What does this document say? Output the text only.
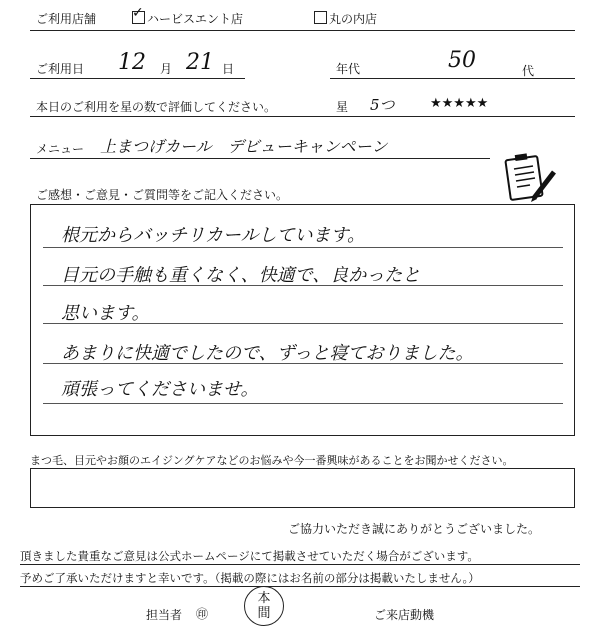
ご利用店舗	✓ ハービスエント店	丸の内店
ご利用日 12 月 21 日	年代	50	代
本日のご利用を星の数で評価してください。	星 5つ	★★★★★
メニュー 上まつげカール　デビューキャンペーン
ご感想・ご意見・ご質問等をご記入ください。
根元からバッチリカールしています。
目元の手触も重くなく、快適で、良かったと
思います。
あまりに快適でしたので、ずっと寝ておりました。
頑張ってくださいませ。
まつ毛、目元やお顔のエイジングケアなどのお悩みや今一番興味があることをお聞かせください。
ご協力いただき誠にありがとうございました。
頂きました貴重なご意見は公式ホームページにて掲載させていただく場合がございます。
予めご了承いただけますと幸いです。（掲載の際にはお名前の部分は掲載いたしません。）
担当者 ㊞
本
間	ご来店動機
